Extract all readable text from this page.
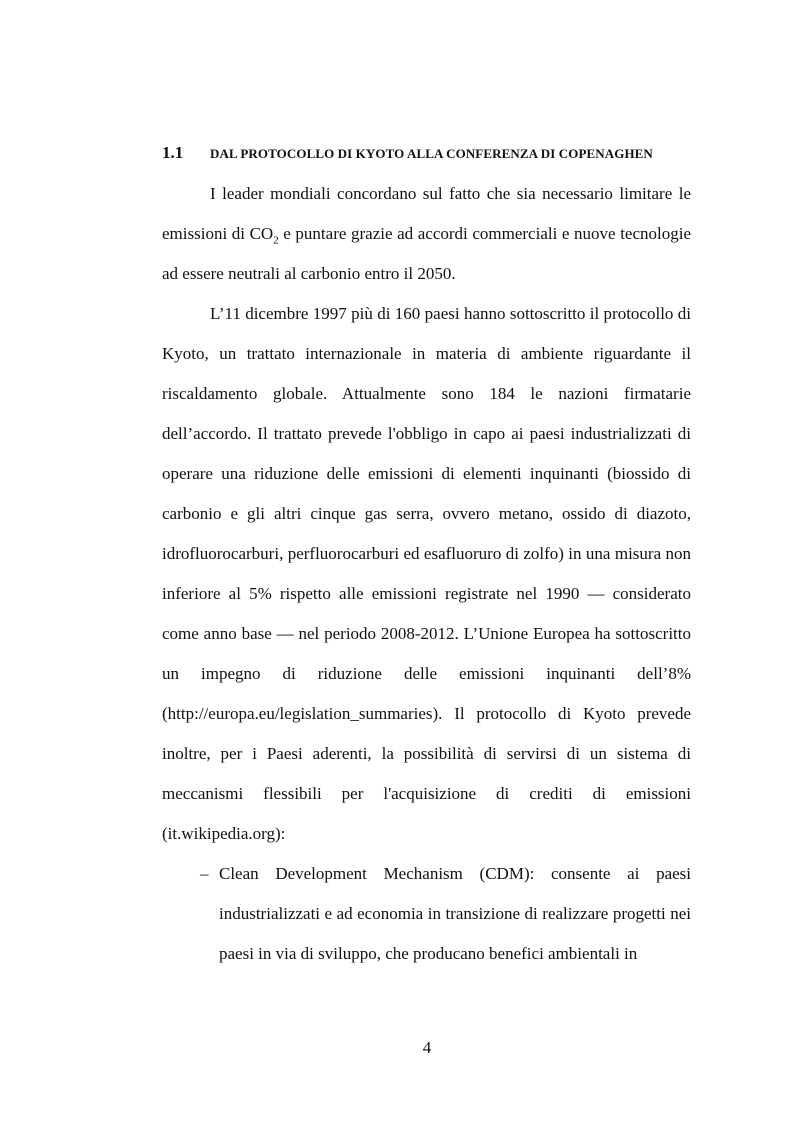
1.1 DAL PROTOCOLLO DI KYOTO ALLA CONFERENZA DI COPENAGHEN

I leader mondiali concordano sul fatto che sia necessario limitare le emissioni di $CO_2$ e puntare grazie ad accordi commerciali e nuove tecnologie ad essere neutrali al carbonio entro il 2050.

L’11 dicembre 1997 più di 160 paesi hanno sottoscritto il protocollo di Kyoto, un trattato internazionale in materia di ambiente riguardante il riscaldamento globale. Attualmente sono 184 le nazioni firmatarie dell’accordo. Il trattato prevede l'obbligo in capo ai paesi industrializzati di operare una riduzione delle emissioni di elementi inquinanti (biossido di carbonio e gli altri cinque gas serra, ovvero metano, ossido di diazoto, idrofluorocarburi, perfluorocarburi ed esafluoruro di zolfo) in una misura non inferiore al 5% rispetto alle emissioni registrate nel 1990 — considerato come anno base — nel periodo 2008-2012. L’Unione Europea ha sottoscritto un impegno di riduzione delle emissioni inquinanti dell’8% (http://europa.eu/legislation_summaries). Il protocollo di Kyoto prevede inoltre, per i Paesi aderenti, la possibilità di servirsi di un sistema di meccanismi flessibili per l'acquisizione di crediti di emissioni (it.wikipedia.org):

– Clean Development Mechanism (CDM): consente ai paesi industrializzati e ad economia in transizione di realizzare progetti nei paesi in via di sviluppo, che producano benefici ambientali in
4
